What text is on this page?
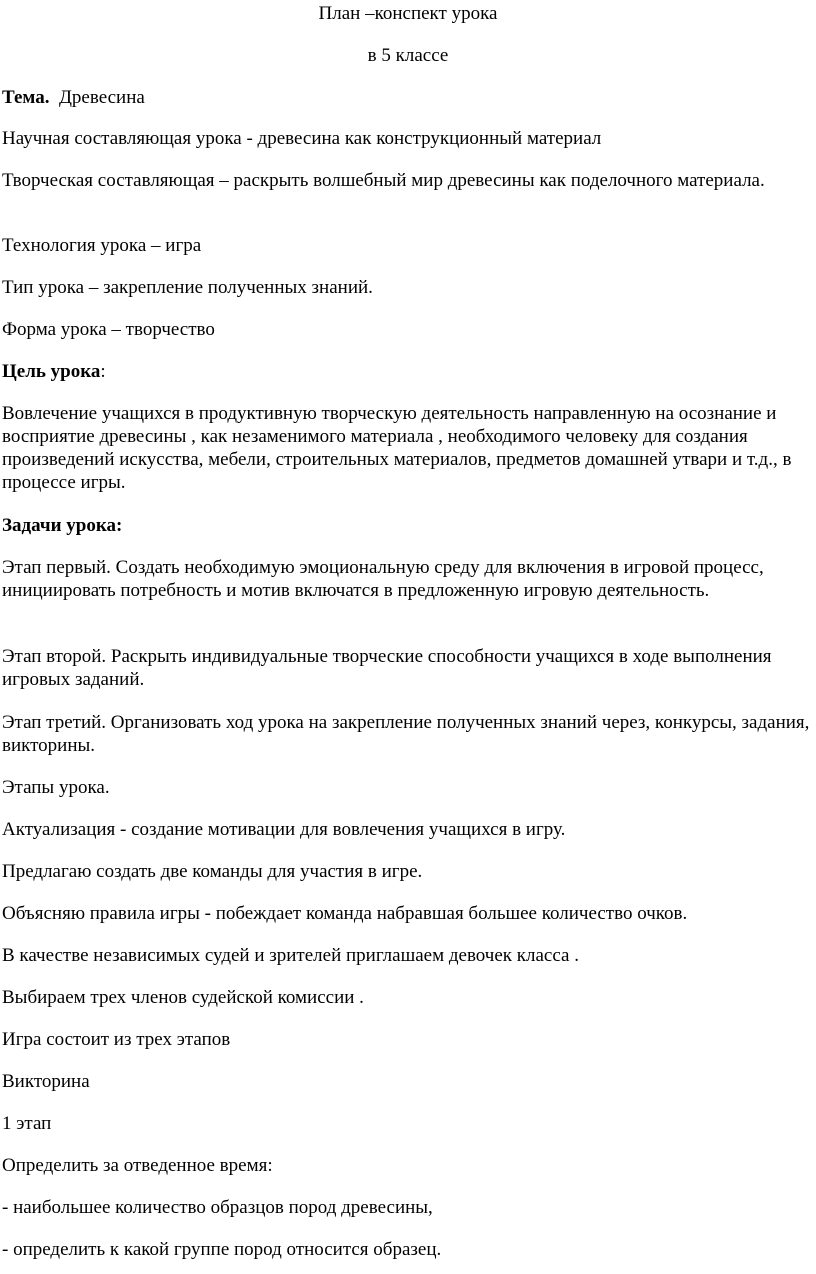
План –конспект урока

в 5 классе

Тема. Древесина

Научная составляющая урока - древесина как конструкционный материал

Творческая составляющая – раскрыть волшебный мир древесины как поделочного материала.

Технология урока – игра

Тип урока – закрепление полученных знаний.

Форма урока – творчество

Цель урока:

Вовлечение учащихся в продуктивную творческую деятельность направленную на осознание и восприятие древесины , как незаменимого материала , необходимого человеку для создания произведений искусства, мебели, строительных материалов, предметов домашней утвари и т.д., в процессе игры.

Задачи урока:

Этап первый. Создать необходимую эмоциональную среду для включения в игровой процесс, инициировать потребность и мотив включатся в предложенную игровую деятельность.

Этап второй. Раскрыть индивидуальные творческие способности учащихся в ходе выполнения игровых заданий.

Этап третий. Организовать ход урока на закрепление полученных знаний через, конкурсы, задания, викторины.

Этапы урока.

Актуализация - создание мотивации для вовлечения учащихся в игру.

Предлагаю создать две команды для участия в игре.

Объясняю правила игры - побеждает команда набравшая большее количество очков.

В качестве независимых судей и зрителей приглашаем девочек класса .

Выбираем трех членов судейской комиссии .

Игра состоит из трех этапов

Викторина

1 этап

Определить за отведенное время:

- наибольшее количество образцов пород древесины,

- определить к какой группе пород относится образец.
